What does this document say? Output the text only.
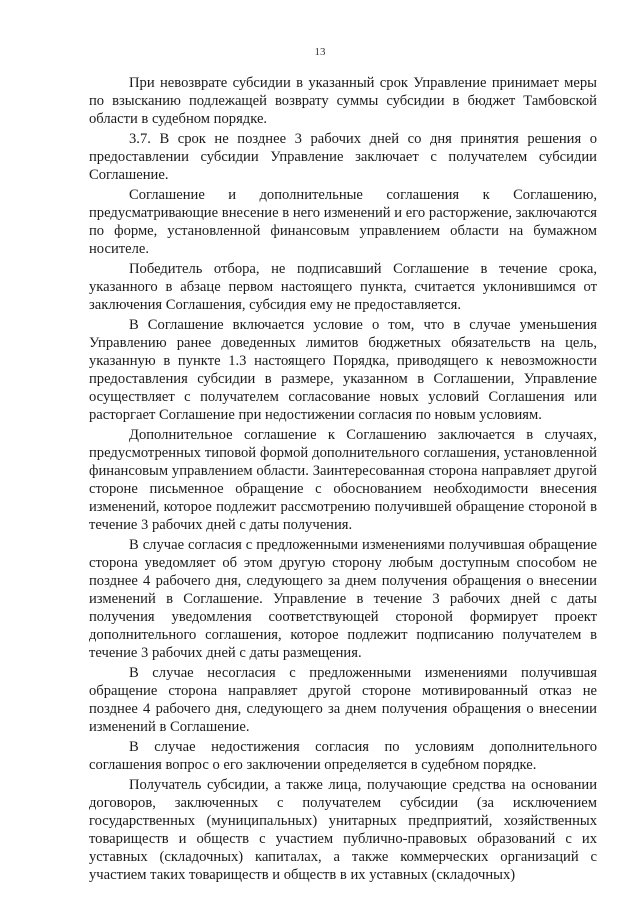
13

При невозврате субсидии в указанный срок Управление принимает меры по взысканию подлежащей возврату суммы субсидии в бюджет Тамбовской области в судебном порядке.

3.7. В срок не позднее 3 рабочих дней со дня принятия решения о предоставлении субсидии Управление заключает с получателем субсидии Соглашение.

Соглашение и дополнительные соглашения к Соглашению, предусматривающие внесение в него изменений и его расторжение, заключаются по форме, установленной финансовым управлением области на бумажном носителе.

Победитель отбора, не подписавший Соглашение в течение срока, указанного в абзаце первом настоящего пункта, считается уклонившимся от заключения Соглашения, субсидия ему не предоставляется.

В Соглашение включается условие о том, что в случае уменьшения Управлению ранее доведенных лимитов бюджетных обязательств на цель, указанную в пункте 1.3 настоящего Порядка, приводящего к невозможности предоставления субсидии в размере, указанном в Соглашении, Управление осуществляет с получателем согласование новых условий Соглашения или расторгает Соглашение при недостижении согласия по новым условиям.

Дополнительное соглашение к Соглашению заключается в случаях, предусмотренных типовой формой дополнительного соглашения, установленной финансовым управлением области. Заинтересованная сторона направляет другой стороне письменное обращение с обоснованием необходимости внесения изменений, которое подлежит рассмотрению получившей обращение стороной в течение 3 рабочих дней с даты получения.

В случае согласия с предложенными изменениями получившая обращение сторона уведомляет об этом другую сторону любым доступным способом не позднее 4 рабочего дня, следующего за днем получения обращения о внесении изменений в Соглашение. Управление в течение 3 рабочих дней с даты получения уведомления соответствующей стороной формирует проект дополнительного соглашения, которое подлежит подписанию получателем в течение 3 рабочих дней с даты размещения.

В случае несогласия с предложенными изменениями получившая обращение сторона направляет другой стороне мотивированный отказ не позднее 4 рабочего дня, следующего за днем получения обращения о внесении изменений в Соглашение.

В случае недостижения согласия по условиям дополнительного соглашения вопрос о его заключении определяется в судебном порядке.

Получатель субсидии, а также лица, получающие средства на основании договоров, заключенных с получателем субсидии (за исключением государственных (муниципальных) унитарных предприятий, хозяйственных товариществ и обществ с участием публично-правовых образований с их уставных (складочных) капиталах, а также коммерческих организаций с участием таких товариществ и обществ в их уставных (складочных)
